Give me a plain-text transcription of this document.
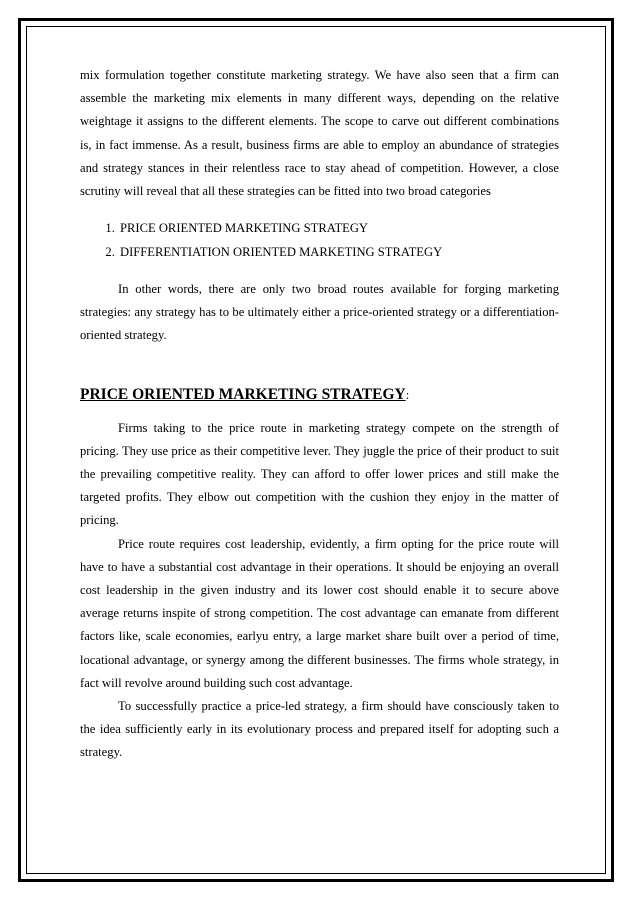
mix formulation together constitute marketing strategy. We have also seen that a firm can assemble the marketing mix elements in many different ways, depending on the relative weightage it assigns to the different elements. The scope to carve out different combinations is, in fact immense. As a result, business firms are able to employ an abundance of strategies and strategy stances in their relentless race to stay ahead of competition. However, a close scrutiny will reveal that all these strategies can be fitted into two broad categories

1. PRICE ORIENTED MARKETING STRATEGY
2. DIFFERENTIATION ORIENTED MARKETING STRATEGY

In other words, there are only two broad routes available for forging marketing strategies: any strategy has to be ultimately either a price-oriented strategy or a differentiation-oriented strategy.

PRICE ORIENTED MARKETING STRATEGY:

Firms taking to the price route in marketing strategy compete on the strength of pricing. They use price as their competitive lever. They juggle the price of their product to suit the prevailing competitive reality. They can afford to offer lower prices and still make the targeted profits. They elbow out competition with the cushion they enjoy in the matter of pricing.

Price route requires cost leadership, evidently, a firm opting for the price route will have to have a substantial cost advantage in their operations. It should be enjoying an overall cost leadership in the given industry and its lower cost should enable it to secure above average returns inspite of strong competition. The cost advantage can emanate from different factors like, scale economies, earlyu entry, a large market share built over a period of time, locational advantage, or synergy among the different businesses. The firms whole strategy, in fact will revolve around building such cost advantage.

To successfully practice a price-led strategy, a firm should have consciously taken to the idea sufficiently early in its evolutionary process and prepared itself for adopting such a strategy.
